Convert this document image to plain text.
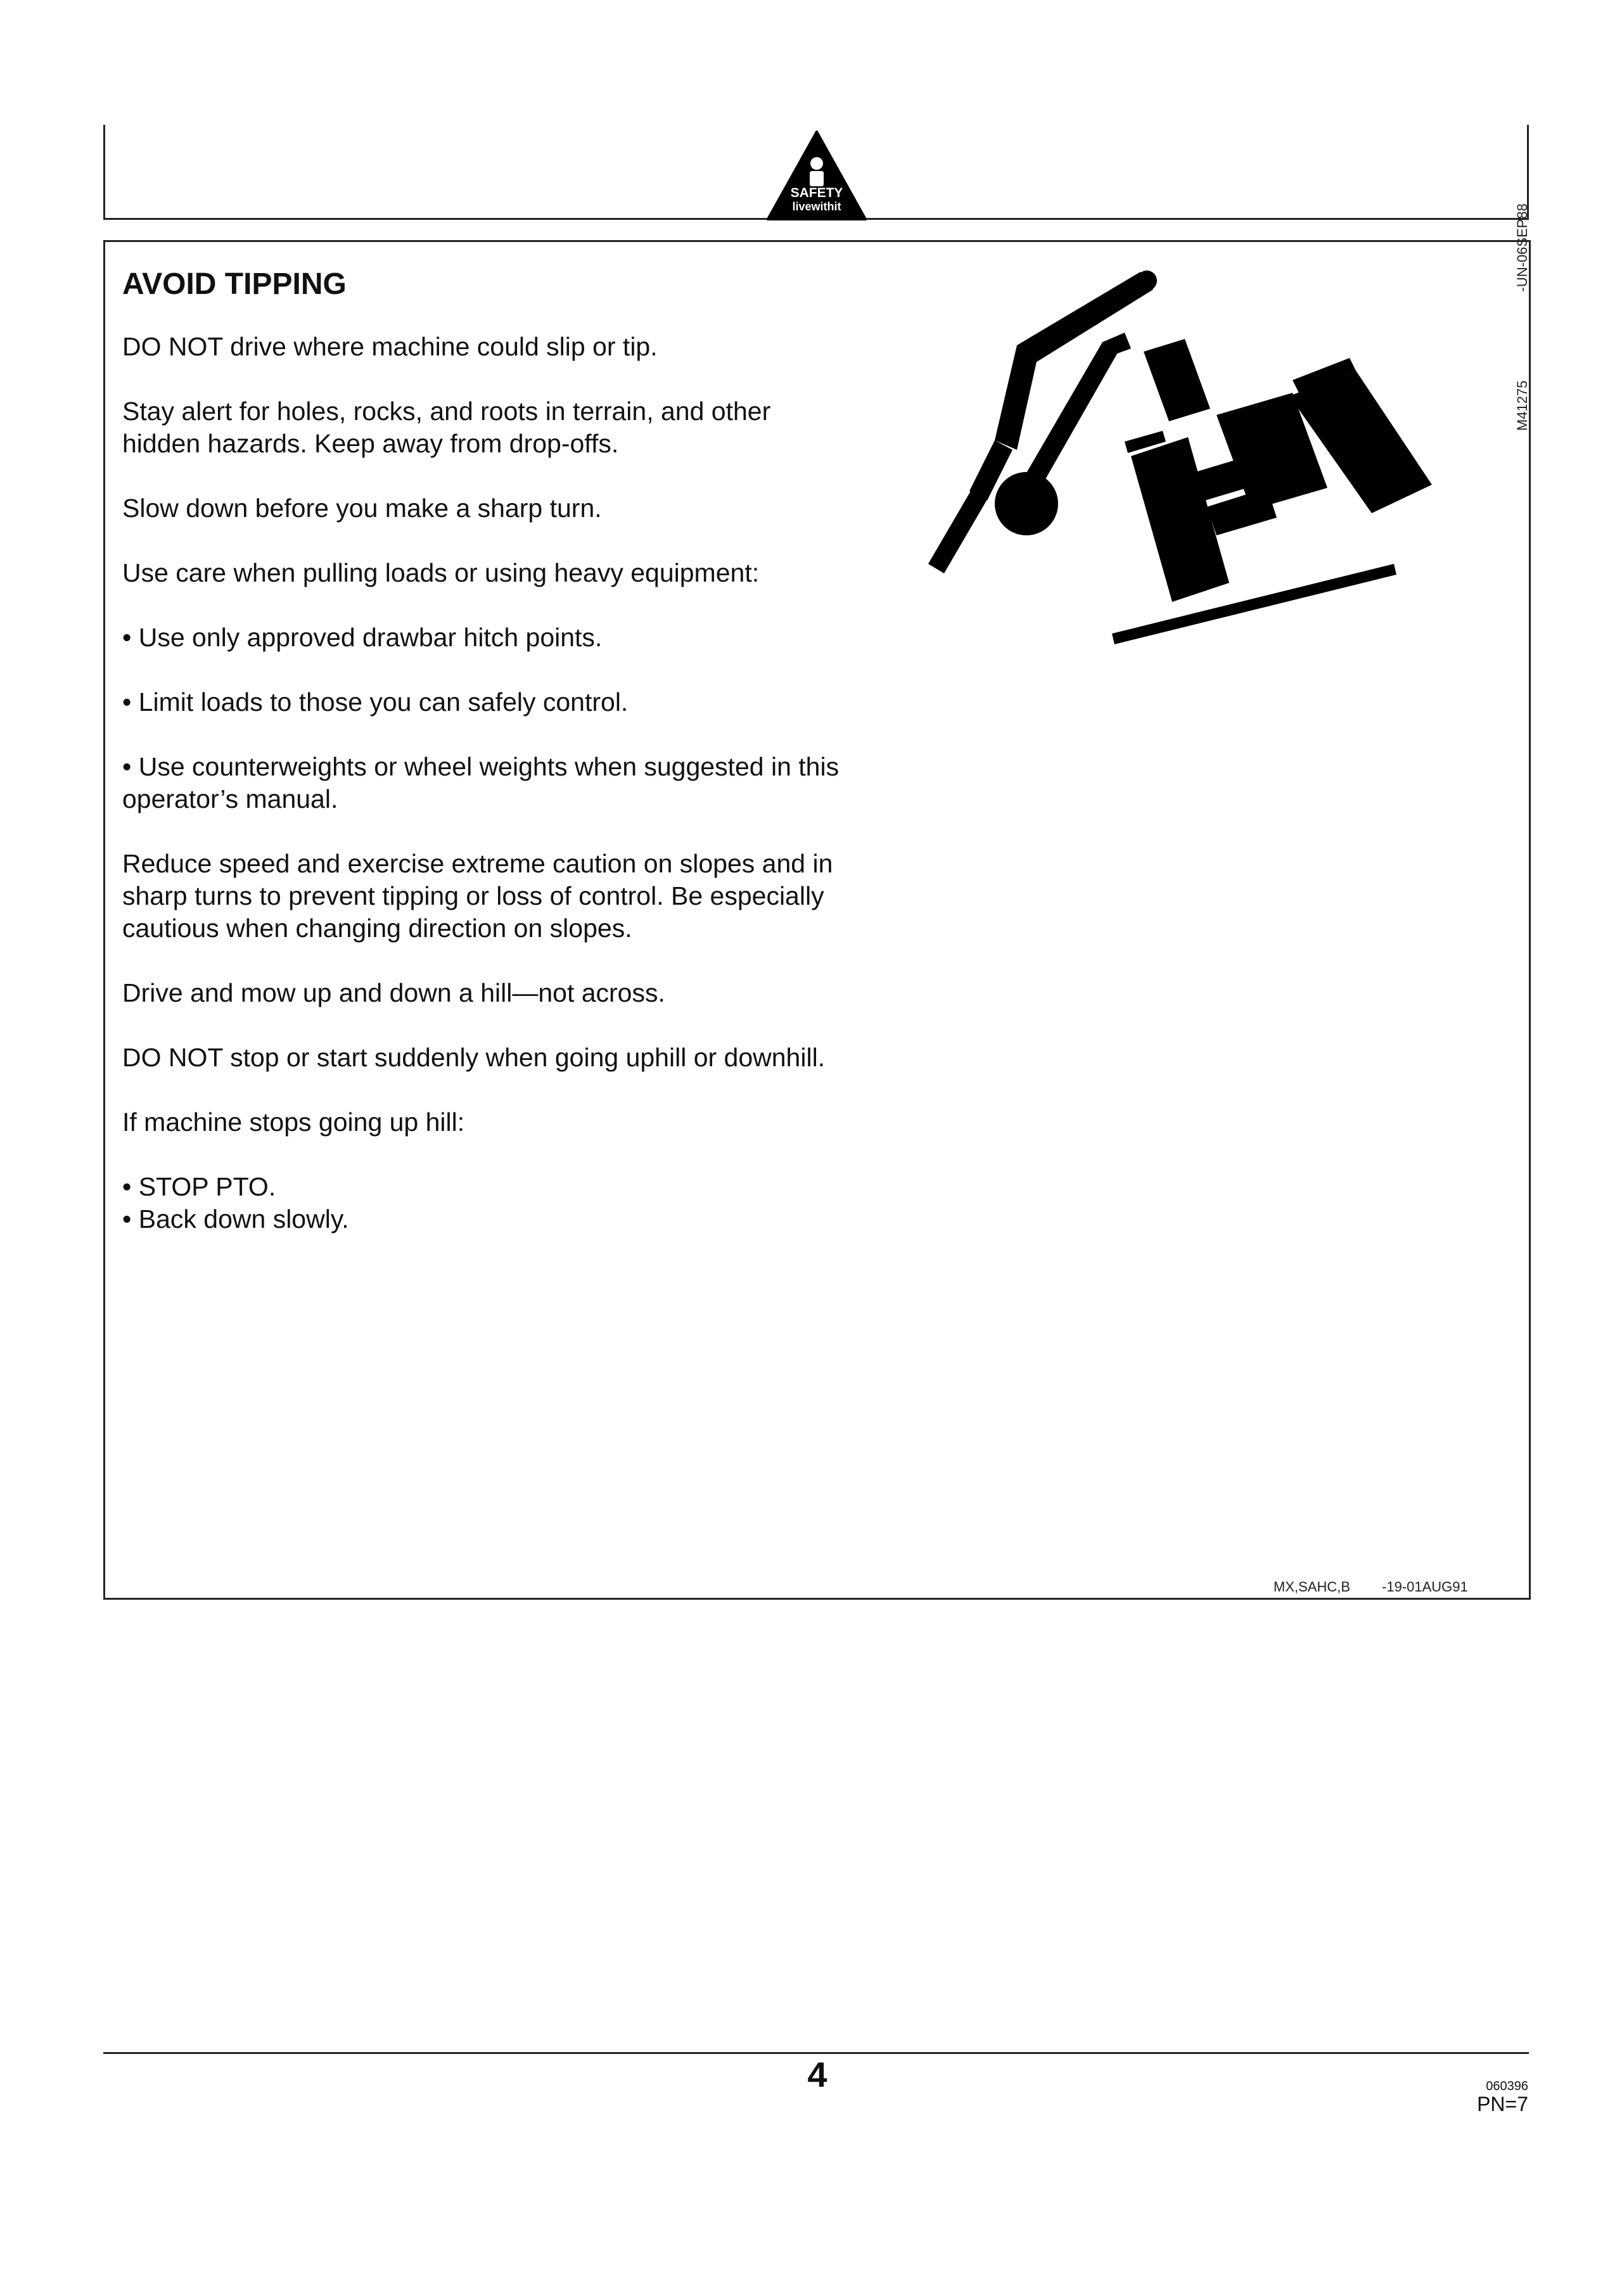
SAFETY
livewithit
AVOID TIPPING
DO NOT drive where machine could slip or tip.
Stay alert for holes, rocks, and roots in terrain, and other hidden hazards. Keep away from drop-offs.
Slow down before you make a sharp turn.
Use care when pulling loads or using heavy equipment:
• Use only approved drawbar hitch points.
• Limit loads to those you can safely control.
• Use counterweights or wheel weights when suggested in this operator’s manual.
Reduce speed and exercise extreme caution on slopes and in sharp turns to prevent tipping or loss of control. Be especially cautious when changing direction on slopes.
Drive and mow up and down a hill—not across.
DO NOT stop or start suddenly when going uphill or downhill.
If machine stops going up hill:
• STOP PTO.
• Back down slowly.
M41275-UN-06SEP88
MX,SAHC,B -19-01AUG91
4	060396
PN=7
